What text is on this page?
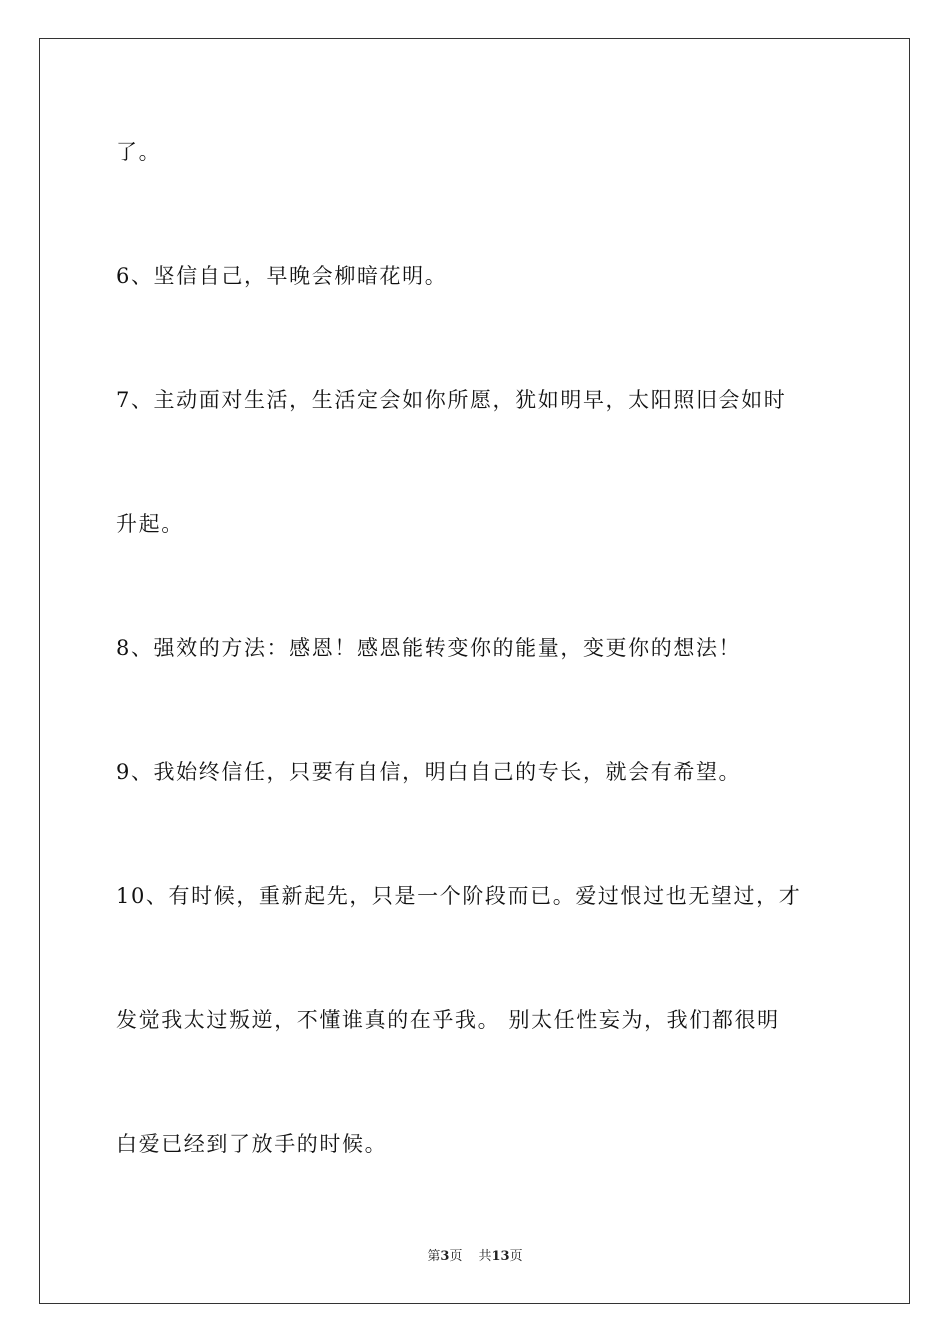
了。
6、坚信自己，早晚会柳暗花明。
7、主动面对生活，生活定会如你所愿，犹如明早，太阳照旧会如时
升起。
8、强效的方法：感恩！感恩能转变你的能量，变更你的想法！
9、我始终信任，只要有自信，明白自己的专长，就会有希望。
10、有时候，重新起先，只是一个阶段而已。爱过恨过也无望过，才
发觉我太过叛逆，不懂谁真的在乎我。 别太任性妄为，我们都很明
白爱已经到了放手的时候。
第3页 共13页
